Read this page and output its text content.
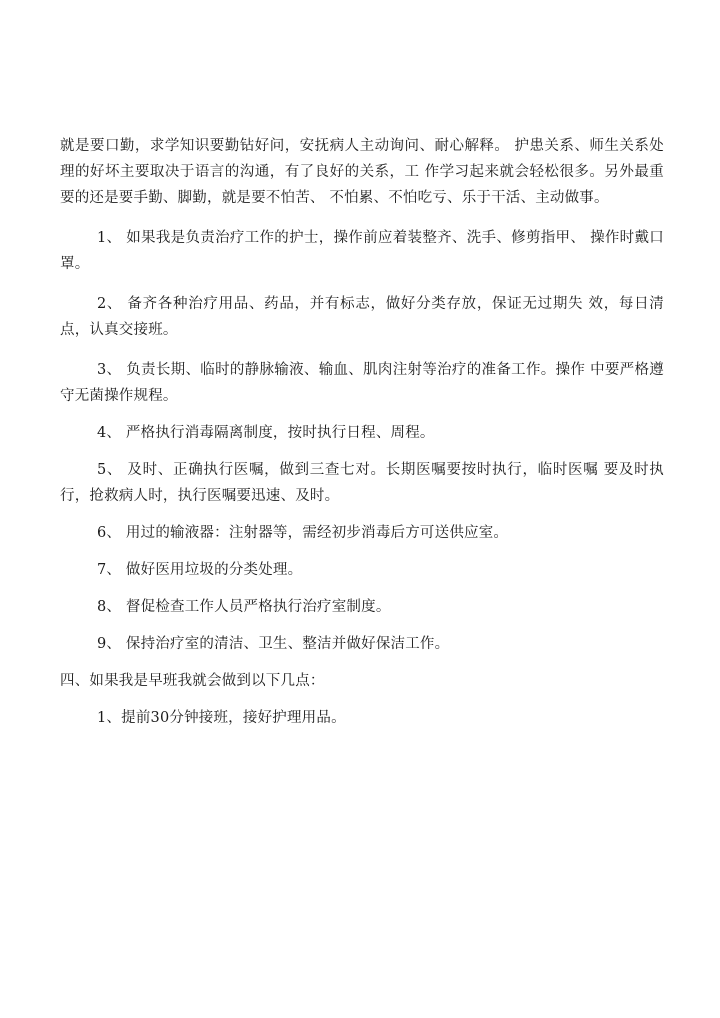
就是要口勤，求学知识要勤钻好问，安抚病人主动询问、耐心解释。 护患关系、师生关系处理的好坏主要取决于语言的沟通，有了良好的关系，工 作学习起来就会轻松很多。另外最重要的还是要手勤、脚勤，就是要不怕苦、 不怕累、不怕吃亏、乐于干活、主动做事。

1、 如果我是负责治疗工作的护士，操作前应着装整齐、洗手、修剪指甲、 操作时戴口罩。

2、 备齐各种治疗用品、药品，并有标志，做好分类存放，保证无过期失 效，每日清点，认真交接班。

3、 负责长期、临时的静脉输液、输血、肌肉注射等治疗的准备工作。操作 中要严格遵守无菌操作规程。

4、 严格执行消毒隔离制度，按时执行日程、周程。

5、 及时、正确执行医嘱，做到三查七对。长期医嘱要按时执行，临时医嘱 要及时执行，抢救病人时，执行医嘱要迅速、及时。

6、 用过的输液器：注射器等，需经初步消毒后方可送供应室。

7、 做好医用垃圾的分类处理。

8、 督促检查工作人员严格执行治疗室制度。

9、 保持治疗室的清洁、卫生、整洁并做好保洁工作。

四、如果我是早班我就会做到以下几点：

1、提前30分钟接班，接好护理用品。
